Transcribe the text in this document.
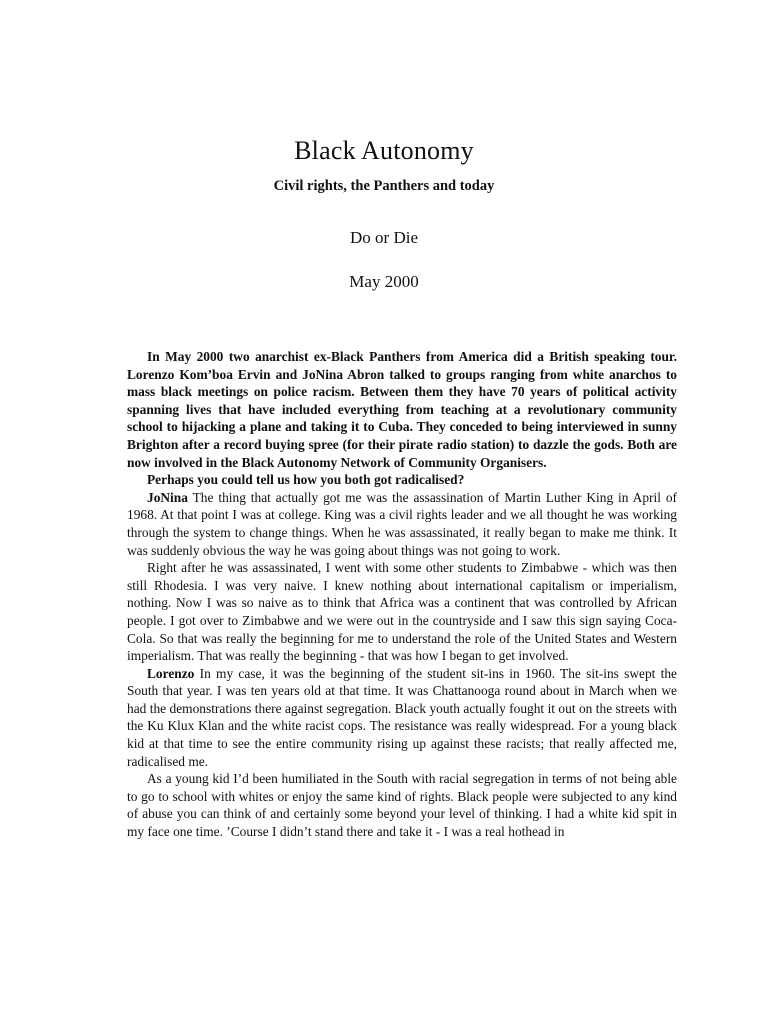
Black Autonomy
Civil rights, the Panthers and today
Do or Die
May 2000

In May 2000 two anarchist ex-Black Panthers from America did a British speaking tour. Lorenzo Kom’boa Ervin and JoNina Abron talked to groups ranging from white anarchos to mass black meetings on police racism. Between them they have 70 years of political activity spanning lives that have included everything from teaching at a revolutionary community school to hijacking a plane and taking it to Cuba. They conceded to being interviewed in sunny Brighton after a record buying spree (for their pirate radio station) to dazzle the gods. Both are now involved in the Black Autonomy Network of Community Organisers.

Perhaps you could tell us how you both got radicalised?

JoNina The thing that actually got me was the assassination of Martin Luther King in April of 1968. At that point I was at college. King was a civil rights leader and we all thought he was working through the system to change things. When he was assassinated, it really began to make me think. It was suddenly obvious the way he was going about things was not going to work.

Right after he was assassinated, I went with some other students to Zimbabwe - which was then still Rhodesia. I was very naive. I knew nothing about international capitalism or imperialism, nothing. Now I was so naive as to think that Africa was a continent that was controlled by African people. I got over to Zimbabwe and we were out in the countryside and I saw this sign saying Coca-Cola. So that was really the beginning for me to understand the role of the United States and Western imperialism. That was really the beginning - that was how I began to get involved.

Lorenzo In my case, it was the beginning of the student sit-ins in 1960. The sit-ins swept the South that year. I was ten years old at that time. It was Chattanooga round about in March when we had the demonstrations there against segregation. Black youth actually fought it out on the streets with the Ku Klux Klan and the white racist cops. The resistance was really widespread. For a young black kid at that time to see the entire community rising up against these racists; that really affected me, radicalised me.

As a young kid I’d been humiliated in the South with racial segregation in terms of not being able to go to school with whites or enjoy the same kind of rights. Black people were subjected to any kind of abuse you can think of and certainly some beyond your level of thinking. I had a white kid spit in my face one time. ’Course I didn’t stand there and take it - I was a real hothead in
